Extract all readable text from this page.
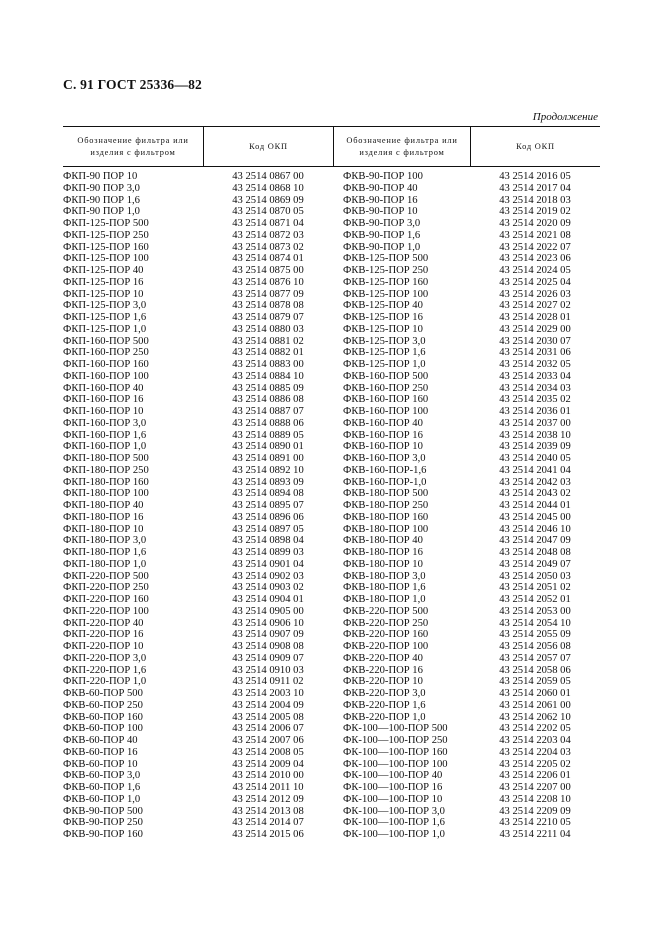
С. 91 ГОСТ 25336—82
Продолжение
Обозначение фильтра или изделия с фильтром
Код ОКП
Обозначение фильтра или изделия с фильтром
Код ОКП
ФКП-90 ПОР 10
ФКП-90 ПОР 3,0
ФКП-90 ПОР 1,6
ФКП-90 ПОР 1,0
ФКП-125-ПОР 500
ФКП-125-ПОР 250
ФКП-125-ПОР 160
ФКП-125-ПОР 100
ФКП-125-ПОР 40
ФКП-125-ПОР 16
ФКП-125-ПОР 10
ФКП-125-ПОР 3,0
ФКП-125-ПОР 1,6
ФКП-125-ПОР 1,0
ФКП-160-ПОР 500
ФКП-160-ПОР 250
ФКП-160-ПОР 160
ФКП-160-ПОР 100
ФКП-160-ПОР 40
ФКП-160-ПОР 16
ФКП-160-ПОР 10
ФКП-160-ПОР 3,0
ФКП-160-ПОР 1,6
ФКП-160-ПОР 1,0
ФКП-180-ПОР 500
ФКП-180-ПОР 250
ФКП-180-ПОР 160
ФКП-180-ПОР 100
ФКП-180-ПОР 40
ФКП-180-ПОР 16
ФКП-180-ПОР 10
ФКП-180-ПОР 3,0
ФКП-180-ПОР 1,6
ФКП-180-ПОР 1,0
ФКП-220-ПОР 500
ФКП-220-ПОР 250
ФКП-220-ПОР 160
ФКП-220-ПОР 100
ФКП-220-ПОР 40
ФКП-220-ПОР 16
ФКП-220-ПОР 10
ФКП-220-ПОР 3,0
ФКП-220-ПОР 1,6
ФКП-220-ПОР 1,0
ФКВ-60-ПОР 500
ФКВ-60-ПОР 250
ФКВ-60-ПОР 160
ФКВ-60-ПОР 100
ФКВ-60-ПОР 40
ФКВ-60-ПОР 16
ФКВ-60-ПОР 10
ФКВ-60-ПОР 3,0
ФКВ-60-ПОР 1,6
ФКВ-60-ПОР 1,0
ФКВ-90-ПОР 500
ФКВ-90-ПОР 250
ФКВ-90-ПОР 160
43 2514 0867 00
43 2514 0868 10
43 2514 0869 09
43 2514 0870 05
43 2514 0871 04
43 2514 0872 03
43 2514 0873 02
43 2514 0874 01
43 2514 0875 00
43 2514 0876 10
43 2514 0877 09
43 2514 0878 08
43 2514 0879 07
43 2514 0880 03
43 2514 0881 02
43 2514 0882 01
43 2514 0883 00
43 2514 0884 10
43 2514 0885 09
43 2514 0886 08
43 2514 0887 07
43 2514 0888 06
43 2514 0889 05
43 2514 0890 01
43 2514 0891 00
43 2514 0892 10
43 2514 0893 09
43 2514 0894 08
43 2514 0895 07
43 2514 0896 06
43 2514 0897 05
43 2514 0898 04
43 2514 0899 03
43 2514 0901 04
43 2514 0902 03
43 2514 0903 02
43 2514 0904 01
43 2514 0905 00
43 2514 0906 10
43 2514 0907 09
43 2514 0908 08
43 2514 0909 07
43 2514 0910 03
43 2514 0911 02
43 2514 2003 10
43 2514 2004 09
43 2514 2005 08
43 2514 2006 07
43 2514 2007 06
43 2514 2008 05
43 2514 2009 04
43 2514 2010 00
43 2514 2011 10
43 2514 2012 09
43 2514 2013 08
43 2514 2014 07
43 2514 2015 06
ФКВ-90-ПОР 100
ФКВ-90-ПОР 40
ФКВ-90-ПОР 16
ФКВ-90-ПОР 10
ФКВ-90-ПОР 3,0
ФКВ-90-ПОР 1,6
ФКВ-90-ПОР 1,0
ФКВ-125-ПОР 500
ФКВ-125-ПОР 250
ФКВ-125-ПОР 160
ФКВ-125-ПОР 100
ФКВ-125-ПОР 40
ФКВ-125-ПОР 16
ФКВ-125-ПОР 10
ФКВ-125-ПОР 3,0
ФКВ-125-ПОР 1,6
ФКВ-125-ПОР 1,0
ФКВ-160-ПОР 500
ФКВ-160-ПОР 250
ФКВ-160-ПОР 160
ФКВ-160-ПОР 100
ФКВ-160-ПОР 40
ФКВ-160-ПОР 16
ФКВ-160-ПОР 10
ФКВ-160-ПОР 3,0
ФКВ-160-ПОР-1,6
ФКВ-160-ПОР-1,0
ФКВ-180-ПОР 500
ФКВ-180-ПОР 250
ФКВ-180-ПОР 160
ФКВ-180-ПОР 100
ФКВ-180-ПОР 40
ФКВ-180-ПОР 16
ФКВ-180-ПОР 10
ФКВ-180-ПОР 3,0
ФКВ-180-ПОР 1,6
ФКВ-180-ПОР 1,0
ФКВ-220-ПОР 500
ФКВ-220-ПОР 250
ФКВ-220-ПОР 160
ФКВ-220-ПОР 100
ФКВ-220-ПОР 40
ФКВ-220-ПОР 16
ФКВ-220-ПОР 10
ФКВ-220-ПОР 3,0
ФКВ-220-ПОР 1,6
ФКВ-220-ПОР 1,0
ФК-100—100-ПОР 500
ФК-100—100-ПОР 250
ФК-100—100-ПОР 160
ФК-100—100-ПОР 100
ФК-100—100-ПОР 40
ФК-100—100-ПОР 16
ФК-100—100-ПОР 10
ФК-100—100-ПОР 3,0
ФК-100—100-ПОР 1,6
ФК-100—100-ПОР 1,0
43 2514 2016 05
43 2514 2017 04
43 2514 2018 03
43 2514 2019 02
43 2514 2020 09
43 2514 2021 08
43 2514 2022 07
43 2514 2023 06
43 2514 2024 05
43 2514 2025 04
43 2514 2026 03
43 2514 2027 02
43 2514 2028 01
43 2514 2029 00
43 2514 2030 07
43 2514 2031 06
43 2514 2032 05
43 2514 2033 04
43 2514 2034 03
43 2514 2035 02
43 2514 2036 01
43 2514 2037 00
43 2514 2038 10
43 2514 2039 09
43 2514 2040 05
43 2514 2041 04
43 2514 2042 03
43 2514 2043 02
43 2514 2044 01
43 2514 2045 00
43 2514 2046 10
43 2514 2047 09
43 2514 2048 08
43 2514 2049 07
43 2514 2050 03
43 2514 2051 02
43 2514 2052 01
43 2514 2053 00
43 2514 2054 10
43 2514 2055 09
43 2514 2056 08
43 2514 2057 07
43 2514 2058 06
43 2514 2059 05
43 2514 2060 01
43 2514 2061 00
43 2514 2062 10
43 2514 2202 05
43 2514 2203 04
43 2514 2204 03
43 2514 2205 02
43 2514 2206 01
43 2514 2207 00
43 2514 2208 10
43 2514 2209 09
43 2514 2210 05
43 2514 2211 04
